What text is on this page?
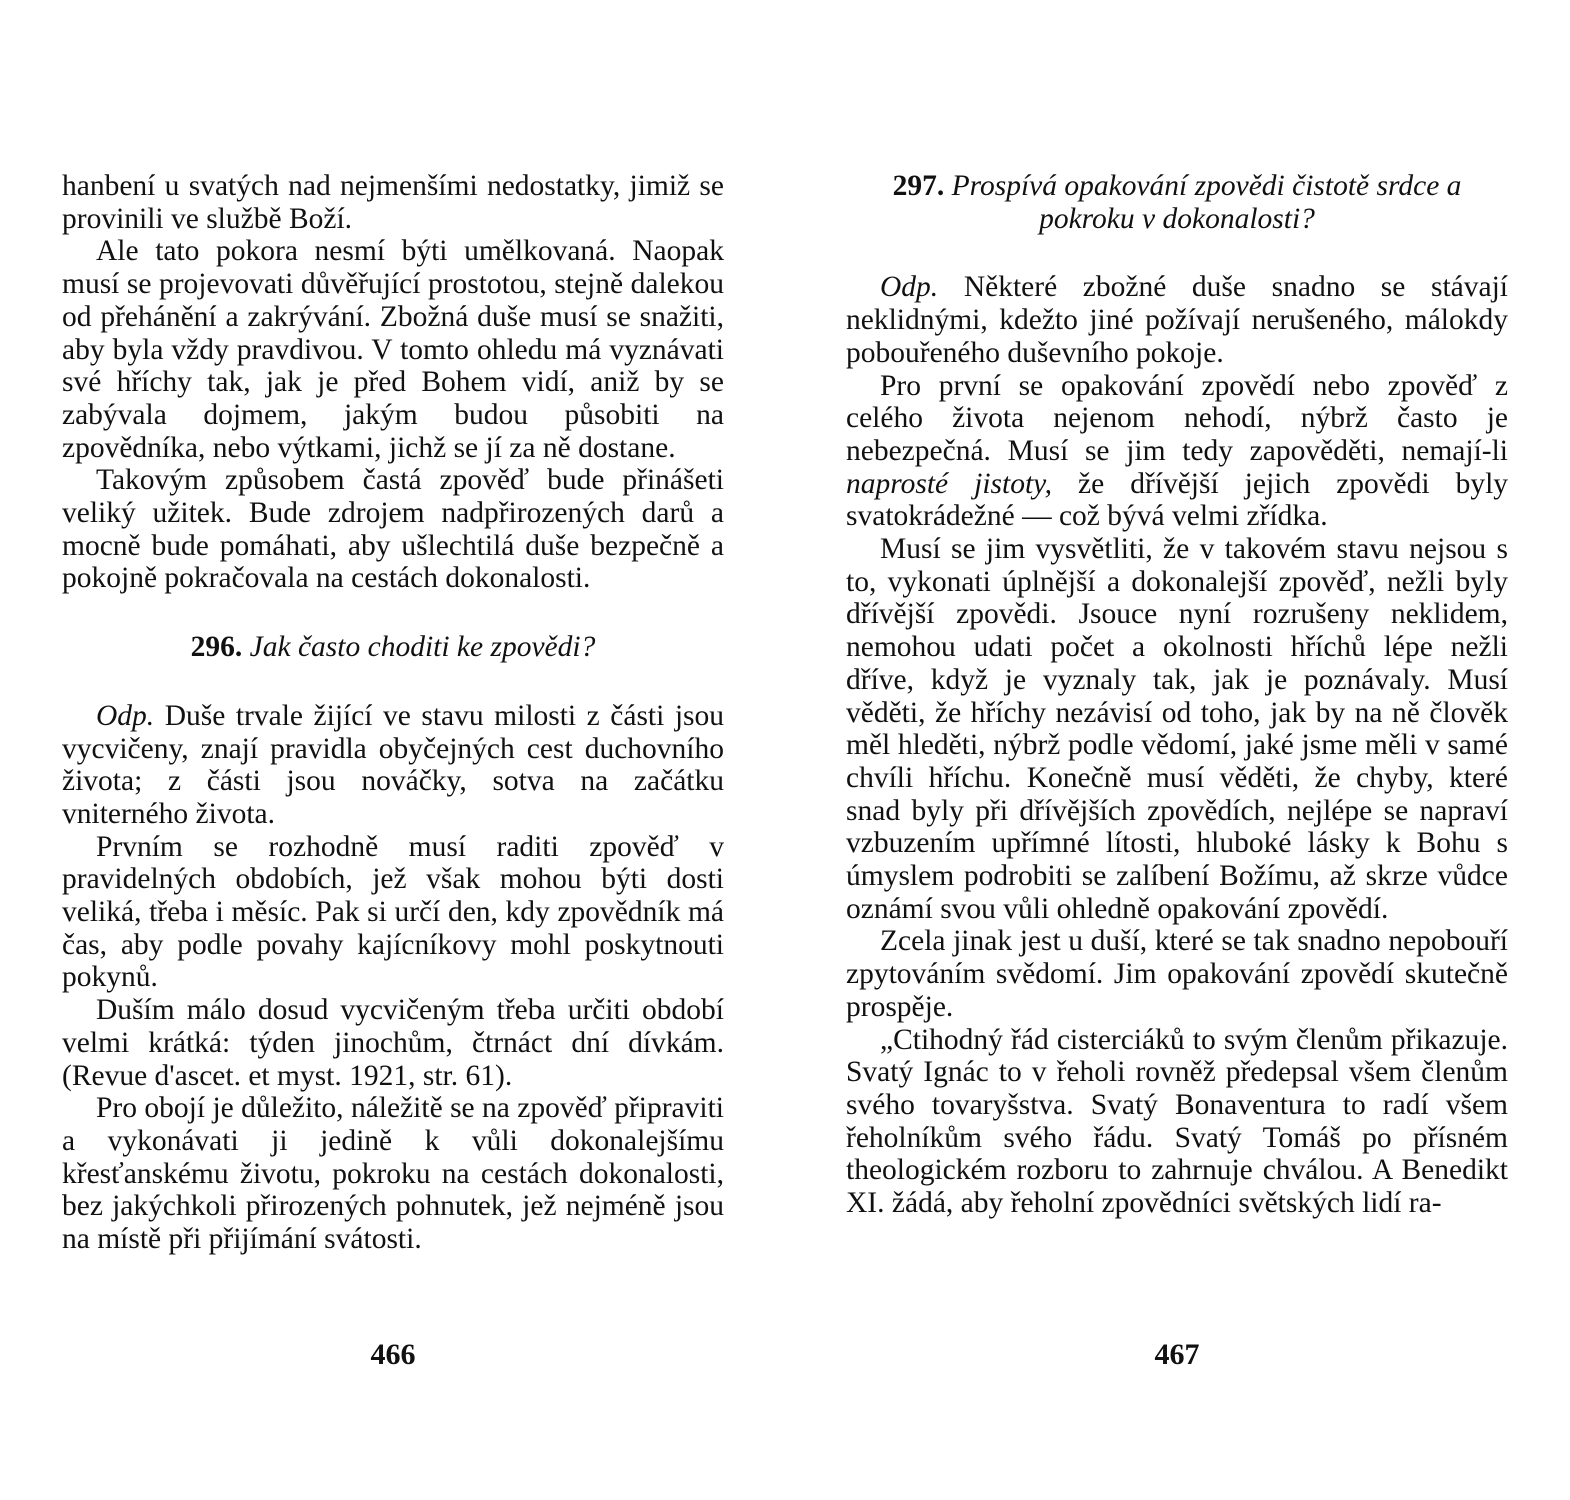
hanbení u svatých nad nejmenšími nedostatky, jimiž se provinili ve službě Boží.

Ale tato pokora nesmí býti umělkovaná. Naopak musí se projevovati důvěřující prostotou, stejně dalekou od přehánění a zakrývání. Zbožná duše musí se snažiti, aby byla vždy pravdivou. V tomto ohledu má vyznávati své hříchy tak, jak je před Bohem vidí, aniž by se zabývala dojmem, jakým budou působiti na zpovědníka, nebo výtkami, jichž se jí za ně dostane.

Takovým způsobem častá zpověď bude přinášeti veliký užitek. Bude zdrojem nadpřirozených darů a mocně bude pomáhati, aby ušlechtilá duše bezpečně a pokojně pokračovala na cestách dokonalosti.

296. Jak často choditi ke zpovědi?

Odp. Duše trvale žijící ve stavu milosti z části jsou vycvičeny, znají pravidla obyčejných cest duchovního života; z části jsou nováčky, sotva na začátku vniterného života.

Prvním se rozhodně musí raditi zpověď v pravidelných obdobích, jež však mohou býti dosti veliká, třeba i měsíc. Pak si určí den, kdy zpovědník má čas, aby podle povahy kajícníkovy mohl poskytnouti pokynů.

Duším málo dosud vycvičeným třeba určiti období velmi krátká: týden jinochům, čtrnáct dní dívkám. (Revue d'ascet. et myst. 1921, str. 61).

Pro obojí je důležito, náležitě se na zpověď připraviti a vykonávati ji jedině k vůli dokonalejšímu křesťanskému životu, pokroku na cestách dokonalosti, bez jakýchkoli přirozených pohnutek, jež nejméně jsou na místě při přijímání svátosti.

466
297. Prospívá opakování zpovědi čistotě srdce a pokroku v dokonalosti?

Odp. Některé zbožné duše snadno se stávají neklidnými, kdežto jiné požívají nerušeného, málokdy pobouřeného duševního pokoje.

Pro první se opakování zpovědí nebo zpověď z celého života nejenom nehodí, nýbrž často je nebezpečná. Musí se jim tedy zapověděti, nemají-li naprosté jistoty, že dřívější jejich zpovědi byly svatokrádežné — což bývá velmi zřídka.

Musí se jim vysvětliti, že v takovém stavu nejsou s to, vykonati úplnější a dokonalejší zpověď, nežli byly dřívější zpovědi. Jsouce nyní rozrušeny neklidem, nemohou udati počet a okolnosti hříchů lépe nežli dříve, když je vyznaly tak, jak je poznávaly. Musí věděti, že hříchy nezávisí od toho, jak by na ně člověk měl hleděti, nýbrž podle vědomí, jaké jsme měli v samé chvíli hříchu. Konečně musí věděti, že chyby, které snad byly při dřívějších zpovědích, nejlépe se napraví vzbuzením upřímné lítosti, hluboké lásky k Bohu s úmyslem podrobiti se zalíbení Božímu, až skrze vůdce oznámí svou vůli ohledně opakování zpovědí.

Zcela jinak jest u duší, které se tak snadno nepobouří zpytováním svědomí. Jim opakování zpovědí skutečně prospěje.

„Ctihodný řád cisterciáků to svým členům přikazuje. Svatý Ignác to v řeholi rovněž předepsal všem členům svého tovaryšstva. Svatý Bonaventura to radí všem řeholníkům svého řádu. Svatý Tomáš po přísném theologickém rozboru to zahrnuje chválou. A Benedikt XI. žádá, aby řeholní zpovědníci světských lidí ra-

467
